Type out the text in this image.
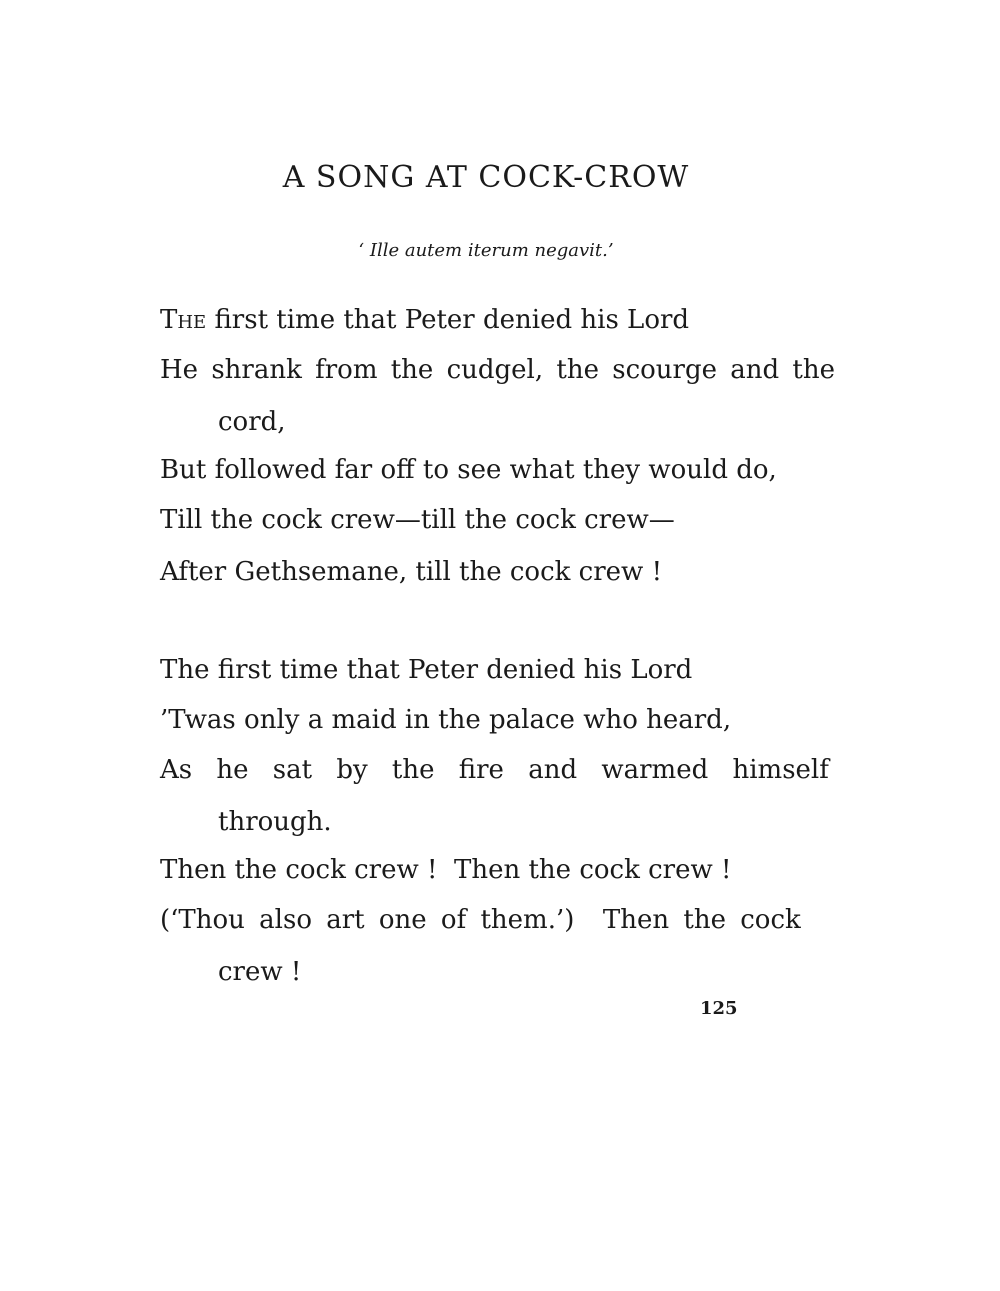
A SONG AT COCK-CROW
‘ Ille autem iterum negavit.’
The first time that Peter denied his Lord
He shrank from the cudgel, the scourge and the
cord,
But followed far off to see what they would do,
Till the cock crew—till the cock crew—
After Gethsemane, till the cock crew !
The first time that Peter denied his Lord
’Twas only a maid in the palace who heard,
As he sat by the fire and warmed himself
through.
Then the cock crew !  Then the cock crew !
(‘Thou also art one of them.’)  Then the cock
crew !
125
